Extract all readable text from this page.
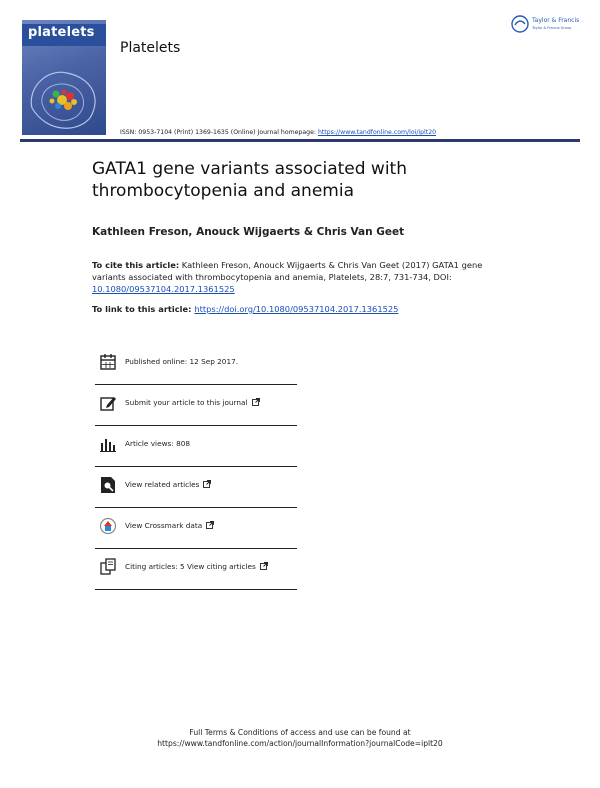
platelets
Platelets
Taylor & Francis
Taylor & Francis Group
ISSN: 0953-7104 (Print) 1369-1635 (Online) Journal homepage: https://www.tandfonline.com/loi/iplt20
GATA1 gene variants associated with thrombocytopenia and anemia
Kathleen Freson, Anouck Wijgaerts & Chris Van Geet
To cite this article: Kathleen Freson, Anouck Wijgaerts & Chris Van Geet (2017) GATA1 gene variants associated with thrombocytopenia and anemia, Platelets, 28:7, 731-734, DOI: 10.1080/09537104.2017.1361525
To link to this article: https://doi.org/10.1080/09537104.2017.1361525
Published online: 12 Sep 2017.
Submit your article to this journal
Article views: 808
View related articles
View Crossmark data
Citing articles: 5 View citing articles
Full Terms & Conditions of access and use can be found at
https://www.tandfonline.com/action/journalInformation?journalCode=iplt20
